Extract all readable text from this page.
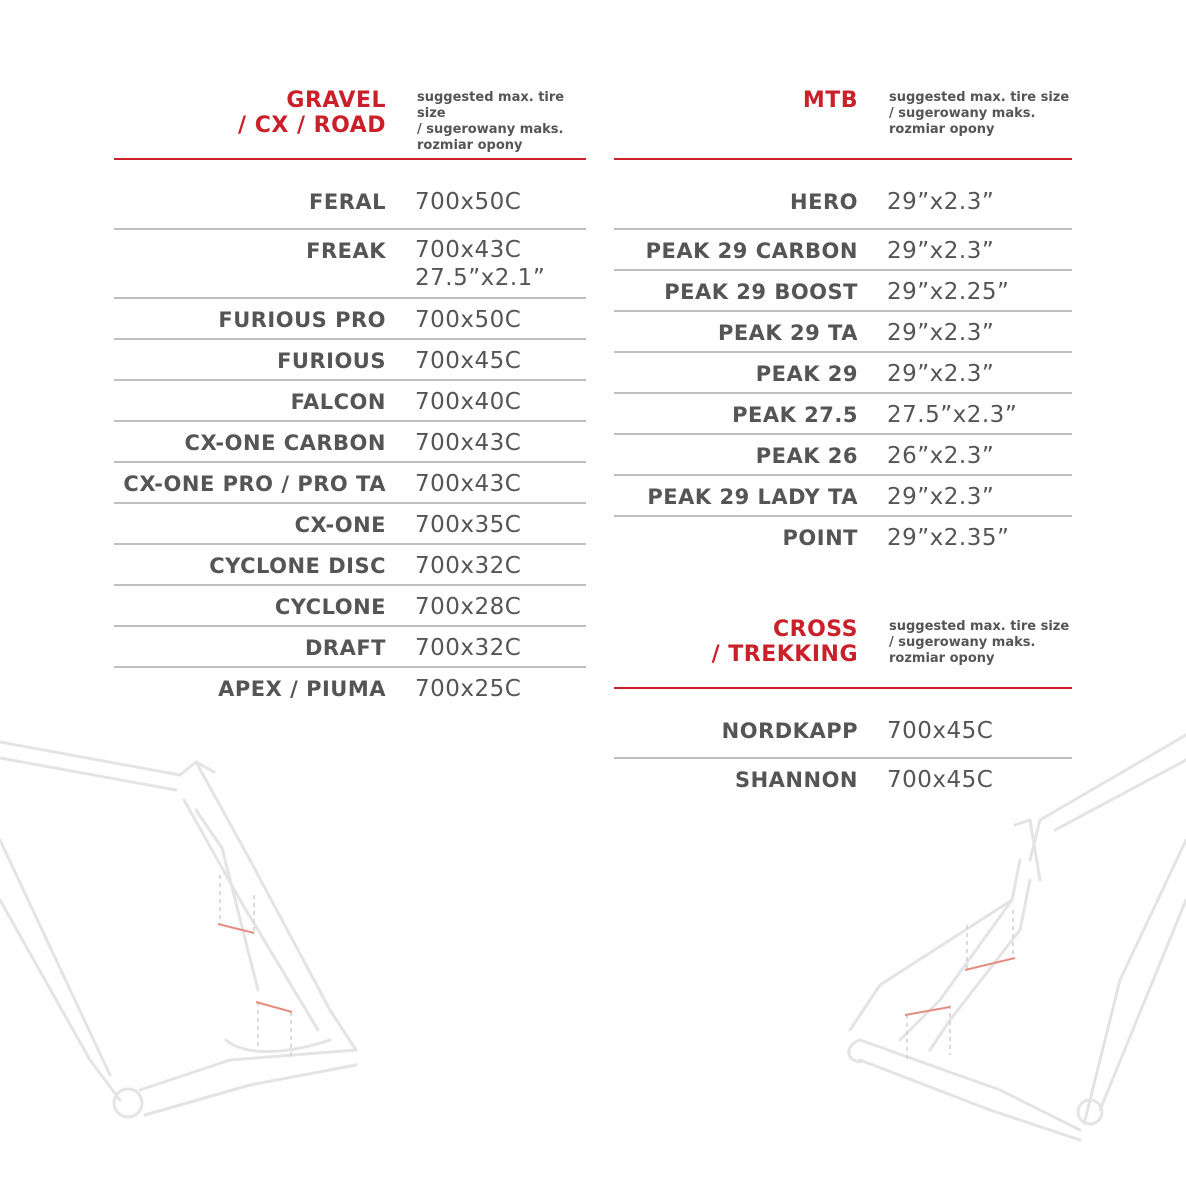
GRAVEL
/ CX / ROAD
suggested max. tire size
/ sugerowany maks.
rozmiar opony
FERAL 700x50C
FREAK 700x43C
27.5”x2.1”
FURIOUS PRO 700x50C
FURIOUS 700x45C
FALCON 700x40C
CX-ONE CARBON 700x43C
CX-ONE PRO / PRO TA 700x43C
CX-ONE 700x35C
CYCLONE DISC 700x32C
CYCLONE 700x28C
DRAFT 700x32C
APEX / PIUMA 700x25C
MTB suggested max. tire size
/ sugerowany maks.
rozmiar opony
HERO 29”x2.3”
PEAK 29 CARBON 29”x2.3”
PEAK 29 BOOST 29”x2.25”
PEAK 29 TA 29”x2.3”
PEAK 29 29”x2.3”
PEAK 27.5 27.5”x2.3”
PEAK 26 26”x2.3”
PEAK 29 LADY TA 29”x2.3”
POINT 29”x2.35”
CROSS
/ TREKKING
suggested max. tire size
/ sugerowany maks.
rozmiar opony
NORDKAPP 700x45C
SHANNON 700x45C
